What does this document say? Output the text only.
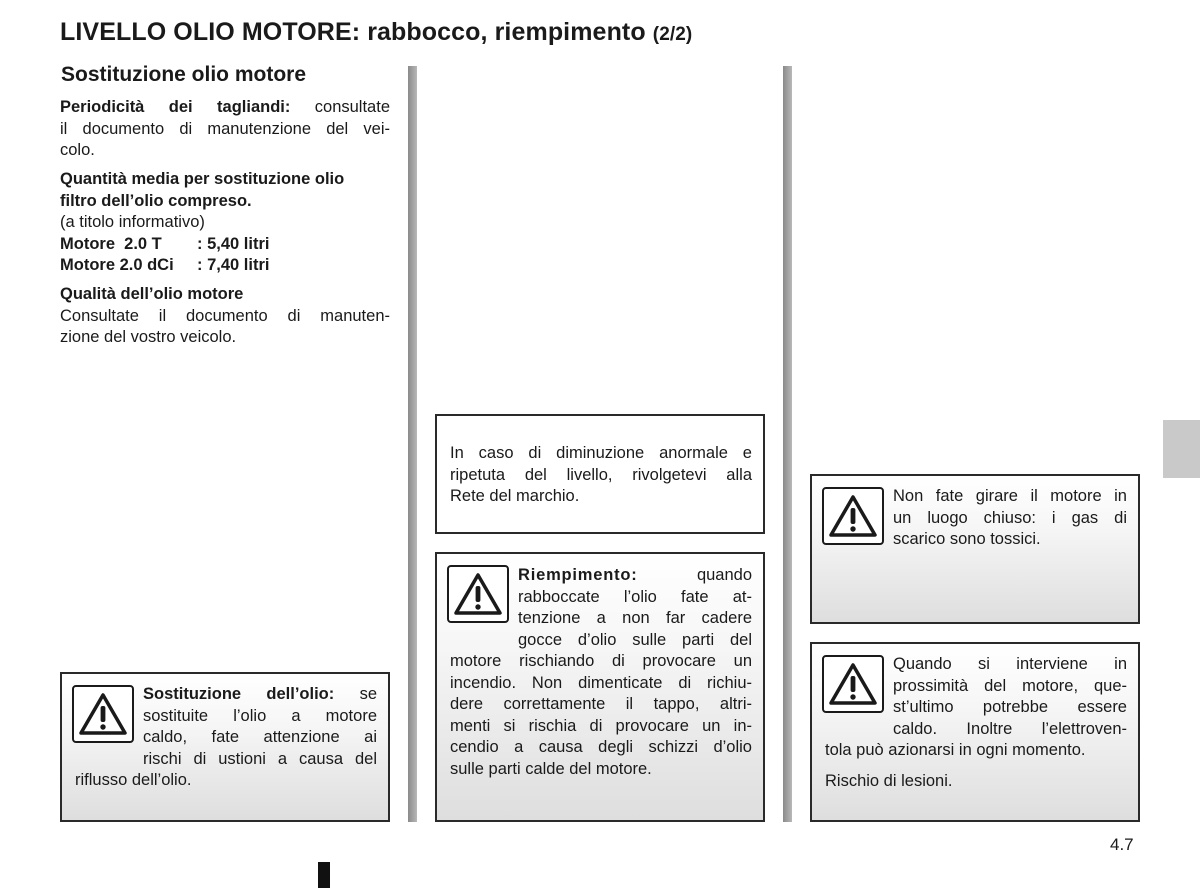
LIVELLO OLIO MOTORE: rabbocco, riempimento (2/2)
Sostituzione olio motore
Periodicità dei tagliandi: consultate
il documento di manutenzione del vei-
colo.
Quantità media per sostituzione olio
filtro dell’olio compreso.
(a titolo informativo)
Motore  2.0 T : 5,40 litri
Motore 2.0 dCi : 7,40 litri
Qualità dell’olio motore
Consultate il documento di manuten-
zione del vostro veicolo.
Sostituzione dell’olio: se
sostituite l’olio a motore
caldo, fate attenzione ai
rischi di ustioni a causa del
riflusso dell’olio.
In caso di diminuzione anormale e
ripetuta del livello, rivolgetevi alla
Rete del marchio.
Riempimento:	quando
rabboccate l’olio fate at-
tenzione a non far cadere
gocce d’olio sulle parti del
motore rischiando di provocare un
incendio. Non dimenticate di richiu-
dere correttamente il tappo, altri-
menti si rischia di provocare un in-
cendio a causa degli schizzi d’olio
sulle parti calde del motore.
Non fate girare il motore in
un luogo chiuso: i gas di
scarico sono tossici.
Quando si interviene in
prossimità del motore, que-
st’ultimo potrebbe essere
caldo. Inoltre l’elettroven-
tola può azionarsi in ogni momento.
Rischio di lesioni.
4.7
